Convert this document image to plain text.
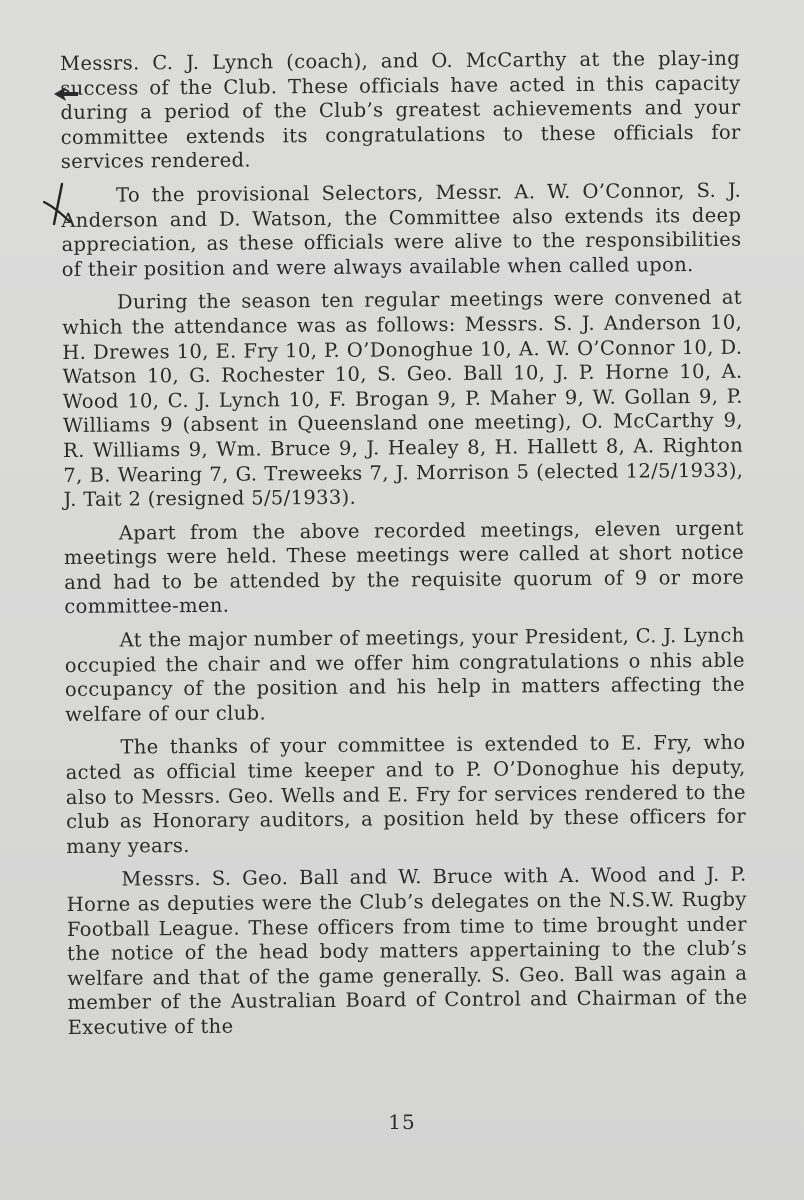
Messrs. C. J. Lynch (coach), and O. McCarthy at the play-ing success of the Club. These officials have acted in this capacity during a period of the Club’s greatest achievements and your committee extends its congratulations to these officials for services rendered.

To the provisional Selectors, Messr. A. W. O’Connor, S. J. Anderson and D. Watson, the Committee also extends its deep appreciation, as these officials were alive to the responsibilities of their position and were always available when called upon.

During the season ten regular meetings were convened at which the attendance was as follows: Messrs. S. J. Anderson 10, H. Drewes 10, E. Fry 10, P. O’Donoghue 10, A. W. O’Connor 10, D. Watson 10, G. Rochester 10, S. Geo. Ball 10, J. P. Horne 10, A. Wood 10, C. J. Lynch 10, F. Brogan 9, P. Maher 9, W. Gollan 9, P. Williams 9 (absent in Queensland one meeting), O. McCarthy 9, R. Williams 9, Wm. Bruce 9, J. Healey 8, H. Hallett 8, A. Righton 7, B. Wearing 7, G. Treweeks 7, J. Morrison 5 (elected 12/5/1933), J. Tait 2 (resigned 5/5/1933).

Apart from the above recorded meetings, eleven urgent meetings were held. These meetings were called at short notice and had to be attended by the requisite quorum of 9 or more committee-men.

At the major number of meetings, your President, C. J. Lynch occupied the chair and we offer him congratulations o nhis able occupancy of the position and his help in matters affecting the welfare of our club.

The thanks of your committee is extended to E. Fry, who acted as official time keeper and to P. O’Donoghue his deputy, also to Messrs. Geo. Wells and E. Fry for services rendered to the club as Honorary auditors, a position held by these officers for many years.

Messrs. S. Geo. Ball and W. Bruce with A. Wood and J. P. Horne as deputies were the Club’s delegates on the N.S.W. Rugby Football League. These officers from time to time brought under the notice of the head body matters appertaining to the club’s welfare and that of the game generally. S. Geo. Ball was again a member of the Australian Board of Control and Chairman of the Executive of the

15
